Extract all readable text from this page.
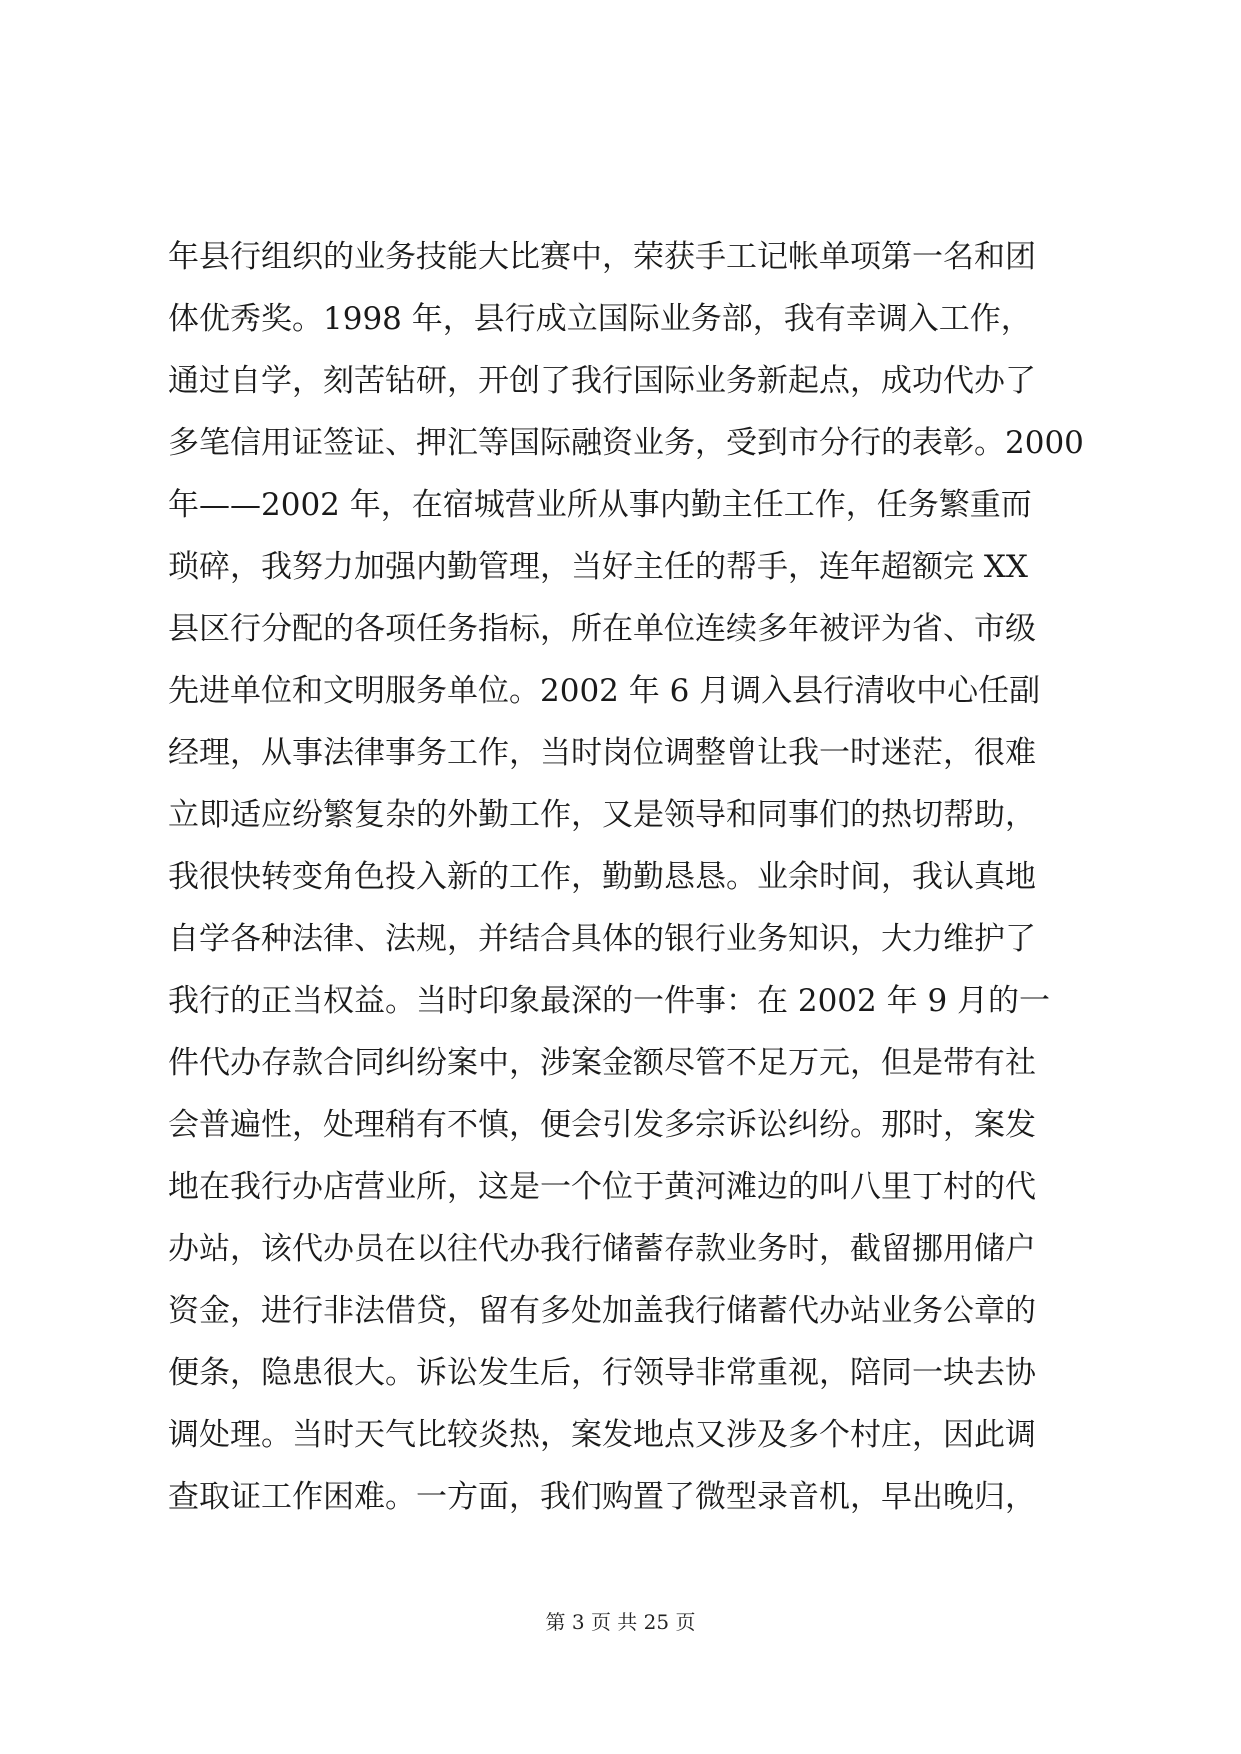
年县行组织的业务技能大比赛中，荣获手工记帐单项第一名和团
体优秀奖。1998 年，县行成立国际业务部，我有幸调入工作，
通过自学，刻苦钻研，开创了我行国际业务新起点，成功代办了
多笔信用证签证、押汇等国际融资业务，受到市分行的表彰。2000
年——2002 年，在宿城营业所从事内勤主任工作，任务繁重而
琐碎，我努力加强内勤管理，当好主任的帮手，连年超额完 XX
县区行分配的各项任务指标，所在单位连续多年被评为省、市级
先进单位和文明服务单位。2002 年 6 月调入县行清收中心任副
经理，从事法律事务工作，当时岗位调整曾让我一时迷茫，很难
立即适应纷繁复杂的外勤工作，又是领导和同事们的热切帮助，
我很快转变角色投入新的工作，勤勤恳恳。业余时间，我认真地
自学各种法律、法规，并结合具体的银行业务知识，大力维护了
我行的正当权益。当时印象最深的一件事：在 2002 年 9 月的一
件代办存款合同纠纷案中，涉案金额尽管不足万元，但是带有社
会普遍性，处理稍有不慎，便会引发多宗诉讼纠纷。那时，案发
地在我行办店营业所，这是一个位于黄河滩边的叫八里丁村的代
办站，该代办员在以往代办我行储蓄存款业务时，截留挪用储户
资金，进行非法借贷，留有多处加盖我行储蓄代办站业务公章的
便条，隐患很大。诉讼发生后，行领导非常重视，陪同一块去协
调处理。当时天气比较炎热，案发地点又涉及多个村庄，因此调
查取证工作困难。一方面，我们购置了微型录音机，早出晚归，
第 3 页 共 25 页
